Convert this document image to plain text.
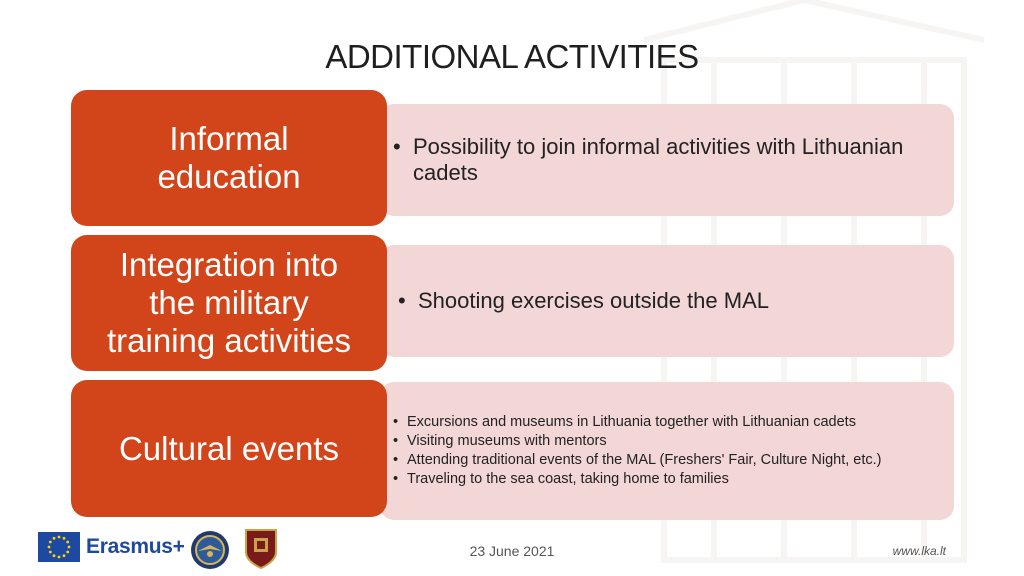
ADDITIONAL ACTIVITIES
• Possibility to join informal activities with Lithuanian cadets
Informal
education
• Shooting exercises outside the MAL
Integration into
the military
training activities
• Excursions and museums in Lithuania together with Lithuanian cadets
• Visiting museums with mentors
• Attending traditional events of the MAL (Freshers' Fair, Culture Night, etc.)
• Traveling to the sea coast, taking home to families
Cultural events
Erasmus+	23 June 2021	www.lka.lt
